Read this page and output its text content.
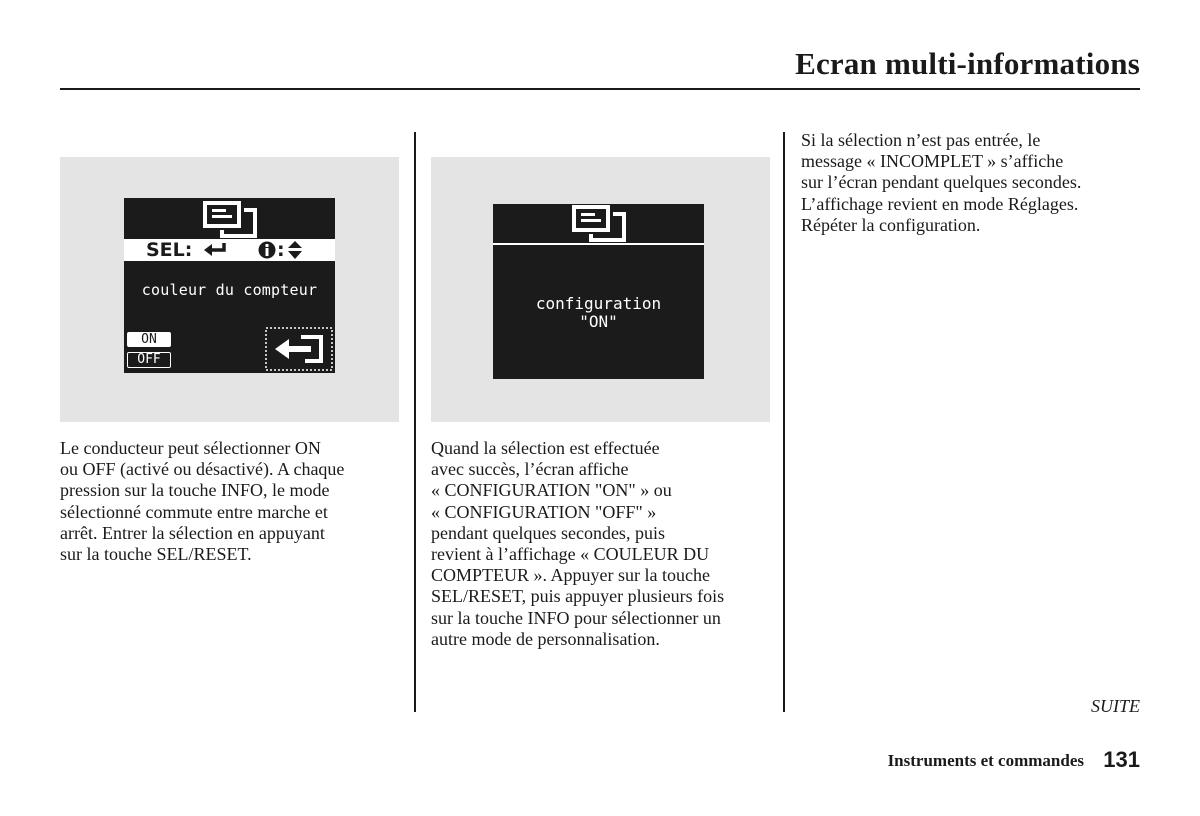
Ecran multi-informations
SEL:	:
couleur du compteur
ON
OFF
configuration
"ON"
Le conducteur peut sélectionner ON
ou OFF (activé ou désactivé). A chaque
pression sur la touche INFO, le mode
sélectionné commute entre marche et
arrêt. Entrer la sélection en appuyant
sur la touche SEL/RESET.
Quand la sélection est effectuée
avec succès, l’écran affiche
« CONFIGURATION "ON" » ou
« CONFIGURATION "OFF" »
pendant quelques secondes, puis
revient à l’affichage « COULEUR DU
COMPTEUR ». Appuyer sur la touche
SEL/RESET, puis appuyer plusieurs fois
sur la touche INFO pour sélectionner un
autre mode de personnalisation.
Si la sélection n’est pas entrée, le
message « INCOMPLET » s’affiche
sur l’écran pendant quelques secondes.
L’affichage revient en mode Réglages.
Répéter la configuration.
SUITE
Instruments et commandes 131
